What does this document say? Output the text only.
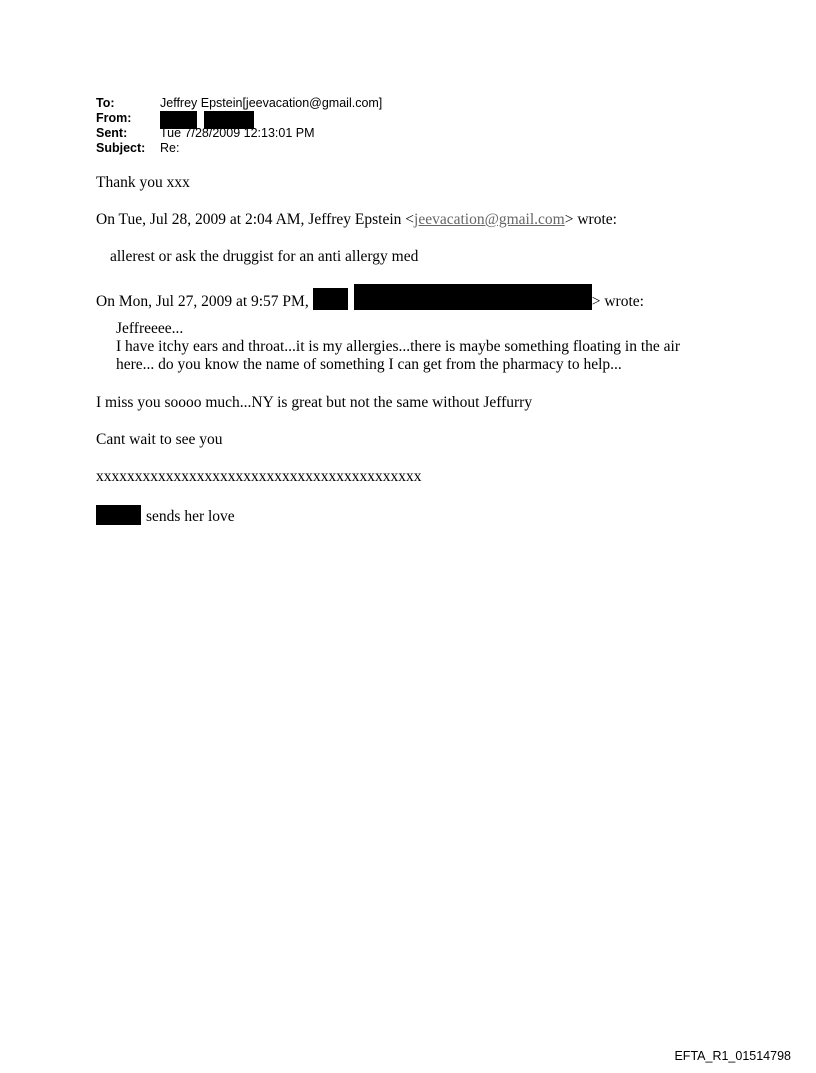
To:	Jeffrey Epstein[jeevacation@gmail.com]
From:

Sent:	Tue 7/28/2009 12:13:01 PM
Subject:	Re:

Thank you xxx

On Tue, Jul 28, 2009 at 2:04 AM, Jeffrey Epstein <jeevacation@gmail.com> wrote:

allerest or ask the druggist for an anti allergy med

On Mon, Jul 27, 2009 at 9:57 PM,	> wrote:

Jeffreeee...

I have itchy ears and throat...it is my allergies...there is maybe something floating in the air

here... do you know the name of something I can get from the pharmacy to help...

I miss you soooo much...NY is great but not the same without Jeffurry

Cant wait to see you

xxxxxxxxxxxxxxxxxxxxxxxxxxxxxxxxxxxxxxxxxx

sends her love

EFTA_R1_01514798
